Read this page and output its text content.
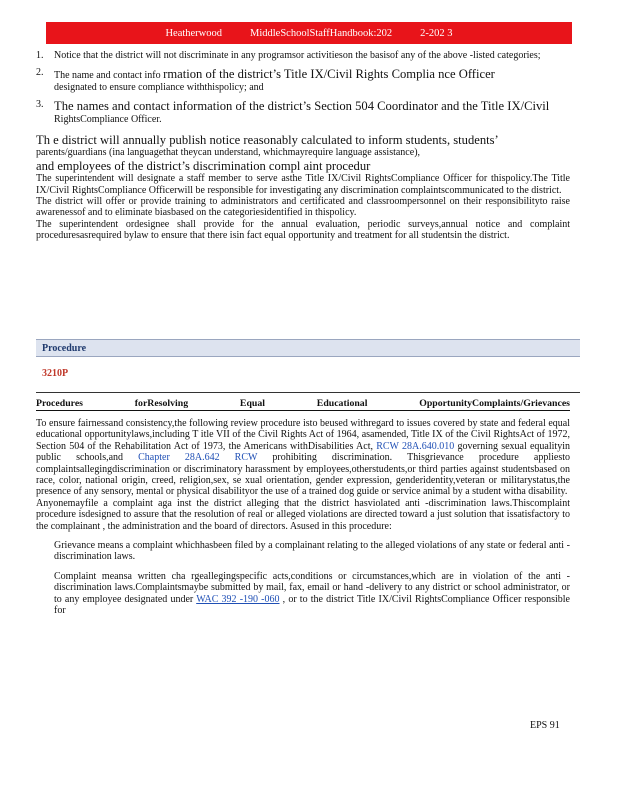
Heatherwood	MiddleSchoolStaffHandbook:202	2-202 3
1.	Notice that the district will not discriminate in any programsor activitieson the basisof any of the above -listed categories;
2.	The name and contact info rmation of the district’s Title IX/Civil Rights Complia nce Officer
designated to ensure compliance withthispolicy; and
3. The names and contact information of the district’s Section 504 Coordinator and the Title IX/Civil
RightsCompliance Officer.

Th e district will annually publish notice reasonably calculated to inform students, students’
parents/guardians (ina languagethat theycan understand, whichmayrequire language assistance),
and employees of the district’s discrimination compl aint procedur

The superintendent will designate a staff member to serve asthe Title IX/Civil RightsCompliance Officer for thispolicy.The Title IX/Civil RightsCompliance Officerwill be responsible for investigating any discrimination complaintscommunicated to the district.

The district will offer or provide training to administrators and certificated and classroompersonnel on their responsibilityto raise awarenessof and to eliminate biasbased on the categoriesidentified in thispolicy.

The superintendent ordesignee shall provide for the annual evaluation, periodic surveys,annual notice and complaint proceduresasrequired bylaw to ensure that there isin fact equal opportunity and treatment for all studentsin the district.

Procedure
3210P
Procedures	forResolving	Equal	Educational	OpportunityComplaints/Grievances

To ensure fairnessand consistency,the following review procedure isto beused withregard to issues covered by state and federal equal educational opportunitylaws,including T itle VII of the Civil Rights Act of 1964, asamended, Title IX of the Civil RightsAct of 1972, Section 504 of the Rehabilitation Act of 1973, the Americans withDisabilities Act, RCW 28A.640.010 governing sexual equalityin public schools,and Chapter 28A.642 RCW prohibiting discrimination. Thisgrievance procedure appliesto complaintsallegingdiscrimination or discriminatory harassment by employees,otherstudents,or third parties against studentsbased on race, color, national origin, creed, religion,sex, se xual orientation, gender expression, genderidentity,veteran or militarystatus,the presence of any sensory, mental or physical disabilityor the use of a trained dog guide or service animal by a student witha disability.

Anyonemayfile a complaint aga inst the district alleging that the district hasviolated anti -discrimination laws.Thiscomplaint procedure isdesigned to assure that the resolution of real or alleged violations are directed toward a just solution that issatisfactory to the complainant , the administration and the board of directors. Asused in this procedure:

Grievance means a complaint whichhasbeen filed by a complainant relating to the alleged violations of any state or federal anti -discrimination laws.
Complaint meansa written cha rgeallegingspecific acts,conditions or circumstances,which are in violation of the anti -discrimination laws.Complaintsmaybe submitted by mail, fax, email or hand -delivery to any district or school administrator, or to any employee designated under WAC 392 -190 -060 , or to the district Title IX/Civil RightsCompliance Officer responsible for
EPS 91
